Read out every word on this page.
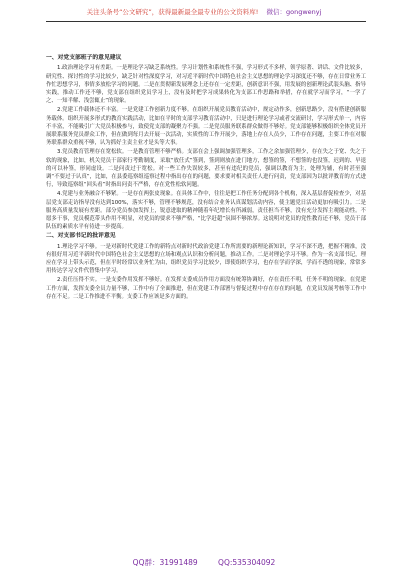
关注头条号“公文研究”，获得最新最全最专业的公文资料库! 微信：gongwenyj
一、对党支部班子的意见建议

1.政治理论学习有差距。一是理论学习缺乏系统性。学习计划性和系统性不强，学习形式不多样，领学原著、讲话、文件比较多，研究性、探讨性的学习比较少，缺乏针对性深度学习，对习近平新时代中国特色社会主义思想的理论学习深度还不够，存在日常业务工作忙思想学习，事情多放松学习的问题。二是在贯彻新发展理念上还存在一定差距，创新意识不强，用发展的创新理论武装头脑、指导实践，推动工作还不够，党支部在组织党员学习上，没有及时把学习成果转化为支部工作思路和举措，存在就学习而学习，“一学了之、一知半解、浅尝辄止”的现象。

2.党建工作载体还不丰富。一是党建工作创新力度不够。在组织开展党员教育活动中，规定动作多，创新思路少，没有搭建创新服务载体。组织开展多形式的教育实践活动，比如在平时的支部学习教育活动中，只是进行理论学习或者交流研讨，学习形式单一，内容不丰富，不能吸引广大党员积极参与，致使党支部的凝聚力不强。二是党员服务联系群众做得不够好。党支部能够积极组织全体党员开展联系服务党员群众工作，但在做到每月去开展一次活动，实质性的工作开展少，落地上存在人员少，工作存在问题，主要工作在对服务联系群众重视不够，认为抓好主责主业才是头等大事。

3.党员教育管理存在宽松软。一是教育管理不够严格。支部在会上强调加强管理多，工作之余加强管理少，存在失之于宽、失之于软的现象，比如，机关党员干部家行考勤制度，采取“放任式”签到，签到则放在进门地方，想签的签，不想签的也没签，迟到的、早退的可以补签，形同虚设。二是问责过于宽松。对一些工作失误较多，甚至有违纪的党员，强调以教育为主，处理为辅，有时甚至强调“不要过于认真”，比如，在县委巡察组巡察过程中指出存在的问题，要求要对相关责任人进行问责，党支部因为以批评教育的方式进行，导致巡察组“回头看”时指出问责不严格，存在党性松软问题。

4.党建与业务融合不够紧。一是存在两张皮现象。在具体工作中，往往是把工作任务分配到各个机构，深入基层督促检查少，对基层党支部走访指导没有达到100%，落实不够，管理不够规范，没有结合业务认真谋划活动内容，使主题党日活动更加有吸引力。二是服务高质量发展有差距。部分党员参加发挥上，锐意进取的精神随着年纪增长有所减弱，责任担当不够，没有充分发挥主观能动性。不愿多干事，党员模范带头作用不明显，对党员的要求不够严格，“比学赶超”氛围不够浓厚。这说明对党员的党性教育还不够，党员干部队伍的素质水平有待进一步提高。

二、对支部书记的批评意见

1.理论学习不够。一是对新时代党建工作的新特点对新时代政治党建工作所需要的新理论新知识，学习不深不透，把握不精准，没有很好用习近平新时代中国特色社会主义思想的立场和观点认识和分析问题，推动工作。二是对理论学习不够。作为一名支部书记，理应在学习上带头示范，但在平时经常以业务忙为由，组织党员学习比较少，即使组织学习，也存在学而学深，学而不透的现象，常常多用传达学习文件代替集中学习。

2.责任压得不实。一是支委作用发挥不够好。在发挥支委成员作用方面没有统筹协调好，存在责任不明，任务不明的现象。在党建工作方面，发挥支委全员力量不够，工作中有了全面推进，但在党建工作部署与督促过程中存在存在的问题，在党员发展考核等工作中存在不足。二是工作推进不平衡。支委工作应该是多方面的。

QQ群：31991489	QQ:535304092
